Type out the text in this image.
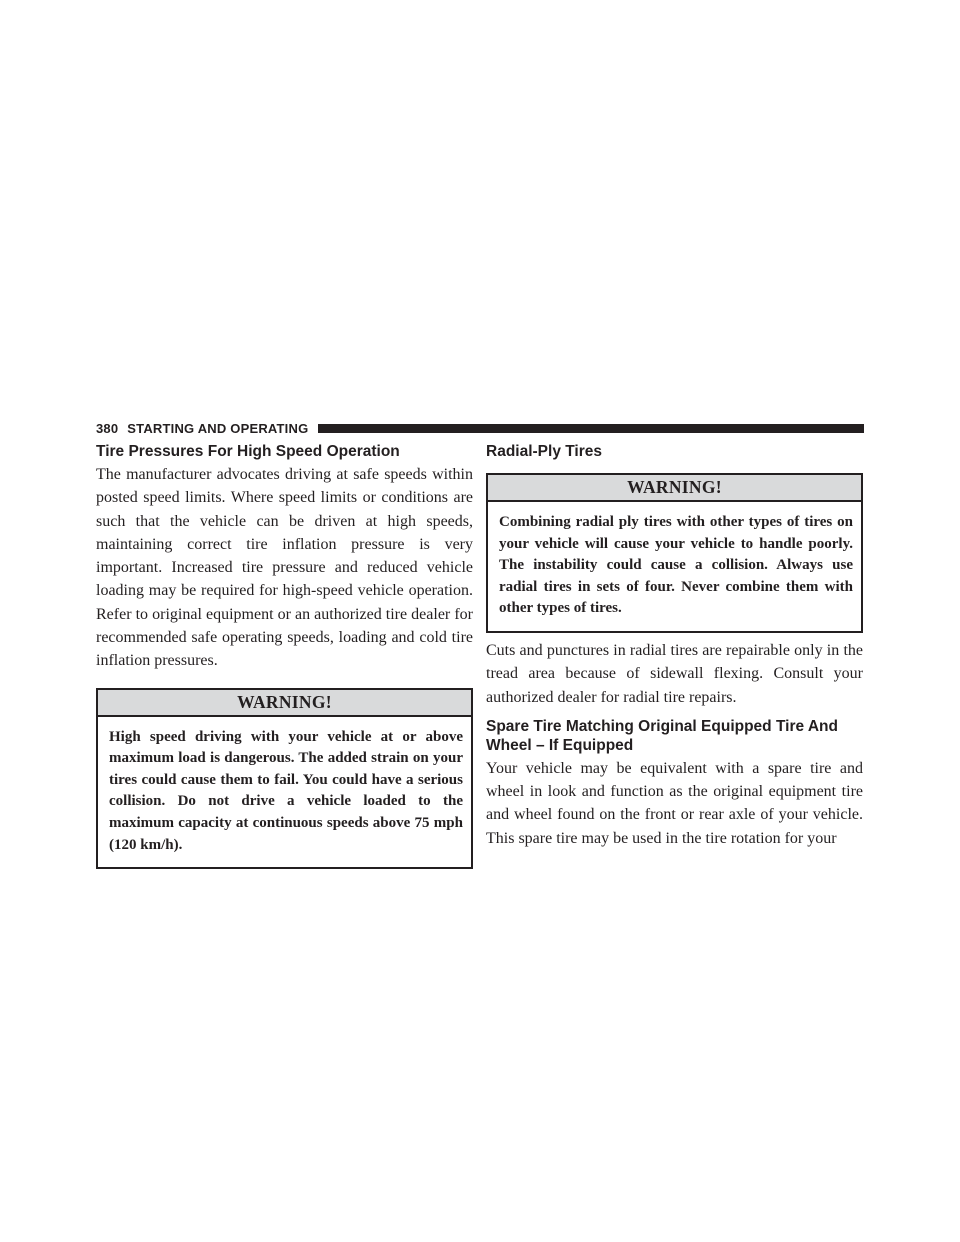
380 STARTING AND OPERATING
Tire Pressures For High Speed Operation

The manufacturer advocates driving at safe speeds within posted speed limits. Where speed limits or conditions are such that the vehicle can be driven at high speeds, maintaining correct tire inflation pressure is very important. Increased tire pressure and reduced vehicle loading may be required for high-speed vehicle operation. Refer to original equipment or an authorized tire dealer for recommended safe operating speeds, loading and cold tire inflation pressures.

WARNING!
High speed driving with your vehicle at or above maximum load is dangerous. The added strain on your tires could cause them to fail. You could have a serious collision. Do not drive a vehicle loaded to the maximum capacity at continuous speeds above 75 mph (120 km/h).
Radial-Ply Tires
WARNING!
Combining radial ply tires with other types of tires on your vehicle will cause your vehicle to handle poorly. The instability could cause a collision. Always use radial tires in sets of four. Never combine them with other types of tires.

Cuts and punctures in radial tires are repairable only in the tread area because of sidewall flexing. Consult your authorized dealer for radial tire repairs.

Spare Tire Matching Original Equipped Tire And Wheel – If Equipped

Your vehicle may be equivalent with a spare tire and wheel in look and function as the original equipment tire and wheel found on the front or rear axle of your vehicle. This spare tire may be used in the tire rotation for your
